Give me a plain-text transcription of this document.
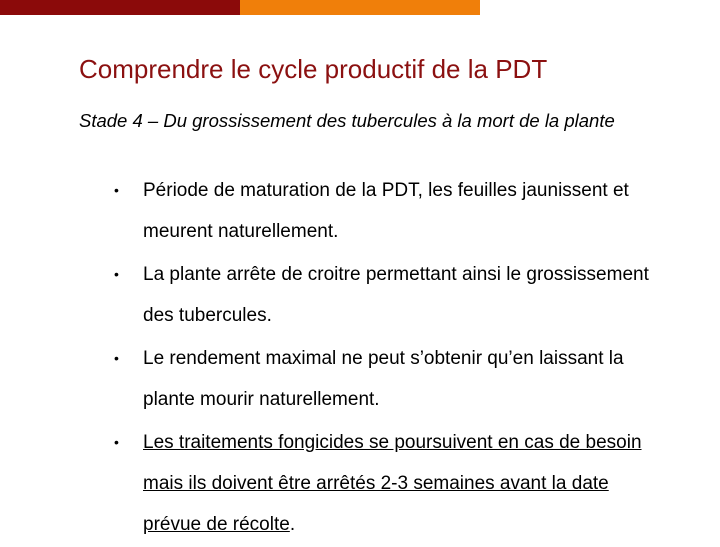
Comprendre le cycle productif de la PDT
Stade 4 – Du grossissement des tubercules à la mort de la plante
• Période de maturation de la PDT, les feuilles jaunissent et meurent naturellement.
• La plante arrête de croitre permettant ainsi le grossissement des tubercules.
• Le rendement maximal ne peut s’obtenir qu’en laissant la plante mourir naturellement.
• Les traitements fongicides se poursuivent en cas de besoin mais ils doivent être arrêtés 2-3 semaines avant la date prévue de récolte.
